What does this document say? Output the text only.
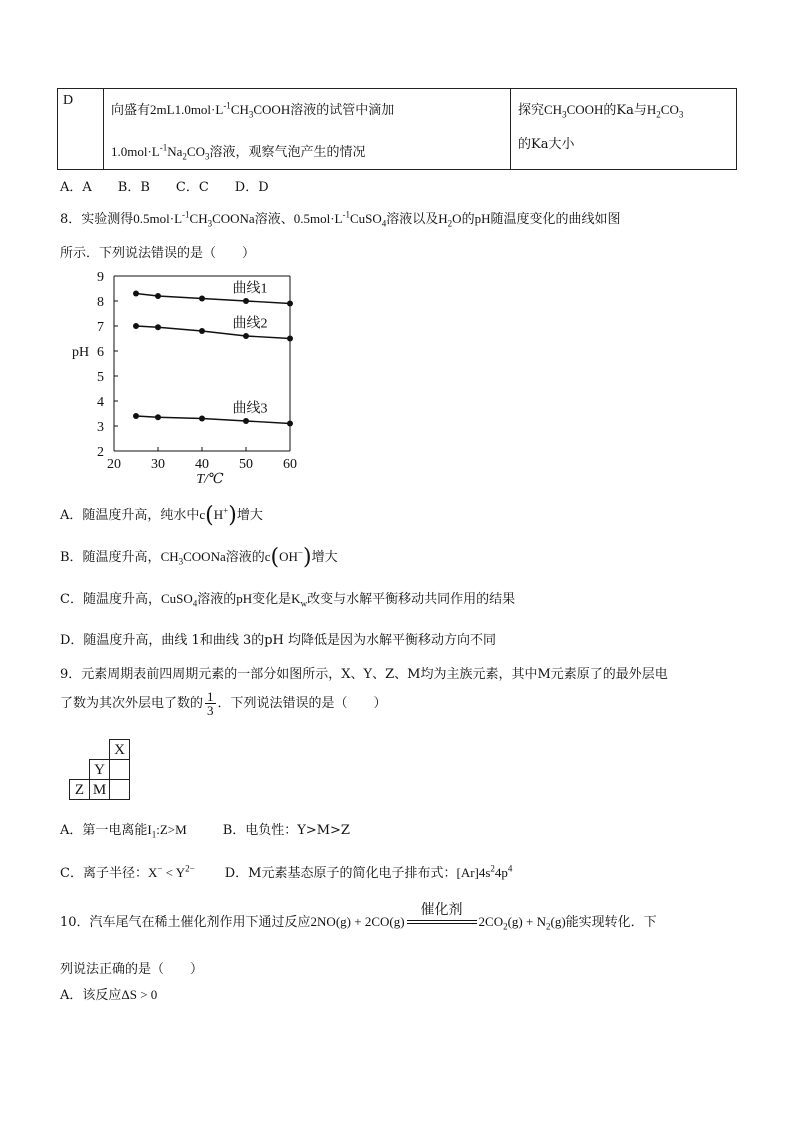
D
向盛有$2mL1.0mol\cdot L^{-1}CH_3COOH$溶液的试管中滴加
$1.0mol\cdot L^{-1}Na_2CO_3$溶液，观察气泡产生的情况
探究$CH_3COOH$的Ka与$H_2CO_3$
的Ka大小
A．A　　B．B　　C．C　　D．D
8．实验测得$0.5mol\cdot L^{-1}CH_3COONa$溶液、$0.5mol\cdot L^{-1}CuSO_4$溶液以及$H_2O$的pH随温度变化的曲线如图
所示．下列说法错误的是（　　）
2
3
4
5
6
7
8
9
20 30 40 50 60
pH
T/℃
曲线1
曲线2
曲线3
A．随温度升高，纯水中c(H+)增大
B．随温度升高，$CH_3COONa$溶液的c(OH−)增大
C．随温度升高，CuSO$_4$溶液的pH变化是$K_w$改变与水解平衡移动共同作用的结果
D．随温度升高，曲线 1和曲线 3的pH 均降低是因为水解平衡移动方向不同
9．元素周期表前四周期元素的一部分如图所示，X、Y、Z、M均为主族元素，其中M元素原了的最外层电
了数为其次外层电了数的 $\frac{1}{3}$ ．下列说法错误的是（　　）
X
Y
Z M
A．第一电离能$I_1:Z>M$	B．电负性：Y>M>Z
C．离子半径：$X^- < Y^{2-}$ D．M元素基态原子的简化电子排布式：$[Ar]4s^24p^4$
10．汽车尾气在稀土催化剂作用下通过反应2NO(g) + 2CO(g)
催化剂
$2CO_2(g) + N_2(g)$能实现转化．下
列说法正确的是（　　）
A．该反应ΔS > 0
